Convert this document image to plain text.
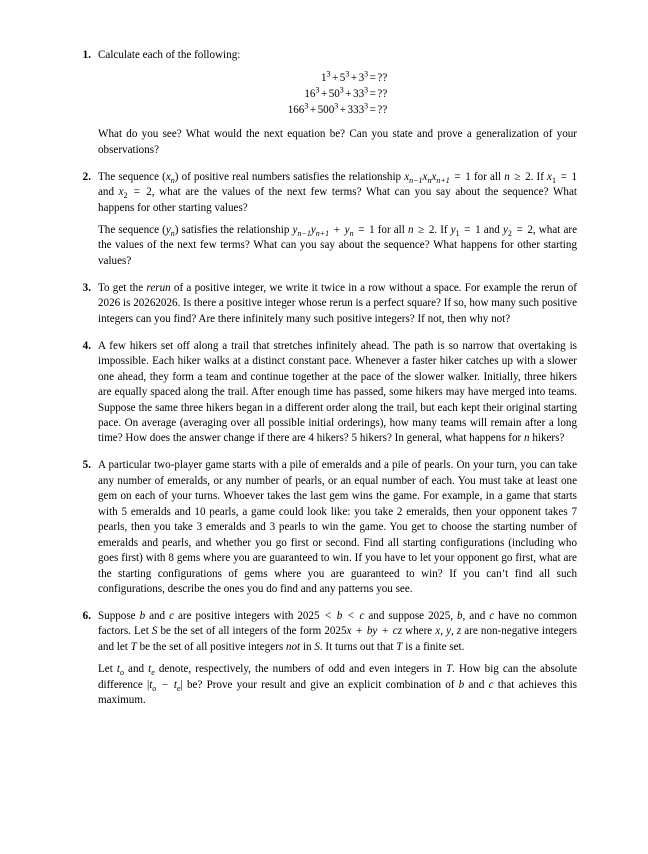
1. Calculate each of the following:

$1^3 + 5^3 + 3^3$	=	??
$16^3 + 50^3 + 33^3$	=	??
$166^3 + 500^3 + 333^3$	=	??

What do you see? What would the next equation be? Can you state and prove a generalization of your observations?

2. The sequence $(x_n)$ of positive real numbers satisfies the relationship $x_{n-1}x_nx_{n+1} = 1$ for all n ≥ 2. If $x_1 = 1$ and $x_2 = 2$, what are the values of the next few terms? What can you say about the sequence? What happens for other starting values?

The sequence $(y_n)$ satisfies the relationship $y_{n-1}y_{n+1} + y_n = 1$ for all n ≥ 2. If $y_1 = 1$ and $y_2 = 2$, what are the values of the next few terms? What can you say about the sequence? What happens for other starting values?

3. To get the rerun of a positive integer, we write it twice in a row without a space. For example the rerun of 2026 is 20262026. Is there a positive integer whose rerun is a perfect square? If so, how many such positive integers can you find? Are there infinitely many such positive integers? If not, then why not?

4. A few hikers set off along a trail that stretches infinitely ahead. The path is so narrow that overtaking is impossible. Each hiker walks at a distinct constant pace. Whenever a faster hiker catches up with a slower one ahead, they form a team and continue together at the pace of the slower walker. Initially, three hikers are equally spaced along the trail. After enough time has passed, some hikers may have merged into teams. Suppose the same three hikers began in a different order along the trail, but each kept their original starting pace. On average (averaging over all possible initial orderings), how many teams will remain after a long time? How does the answer change if there are 4 hikers? 5 hikers? In general, what happens for n hikers?

5. A particular two-player game starts with a pile of emeralds and a pile of pearls. On your turn, you can take any number of emeralds, or any number of pearls, or an equal number of each. You must take at least one gem on each of your turns. Whoever takes the last gem wins the game. For example, in a game that starts with 5 emeralds and 10 pearls, a game could look like: you take 2 emeralds, then your opponent takes 7 pearls, then you take 3 emeralds and 3 pearls to win the game. You get to choose the starting number of emeralds and pearls, and whether you go first or second. Find all starting configurations (including who goes first) with 8 gems where you are guaranteed to win. If you have to let your opponent go first, what are the starting configurations of gems where you are guaranteed to win? If you can’t find all such configurations, describe the ones you do find and any patterns you see.

6. Suppose b and c are positive integers with 2025 < b < c and suppose 2025, b, and c have no common factors. Let S be the set of all integers of the form 2025x + by + cz where x, y, z are non-negative integers and let T be the set of all positive integers not in S. It turns out that T is a finite set.

Let $t_o$ and $t_e$ denote, respectively, the numbers of odd and even integers in T. How big can the absolute difference $|t_o - t_e|$ be? Prove your result and give an explicit combination of b and c that achieves this maximum.
